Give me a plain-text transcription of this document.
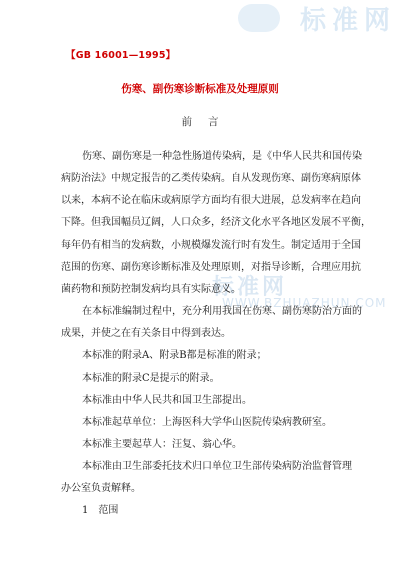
标准网
【GB 16001—1995】
伤寒、副伤寒诊断标准及处理原则
前言
标准网
WWW.BZHUAZHUN.COM
伤寒、副伤寒是一种急性肠道传染病，是《中华人民共和国传染
病防治法》中规定报告的乙类传染病。自从发现伤寒、副伤寒病原体
以来，本病不论在临床或病原学方面均有很大进展，总发病率在趋向
下降。但我国幅员辽阔，人口众多，经济文化水平各地区发展不平衡，
每年仍有相当的发病数，小规模爆发流行时有发生。制定适用于全国
范围的伤寒、副伤寒诊断标准及处理原则，对指导诊断，合理应用抗
菌药物和预防控制发病均具有实际意义。
在本标准编制过程中，充分利用我国在伤寒、副伤寒防治方面的
成果，并使之在有关条目中得到表达。
本标准的附录A、附录B都是标准的附录；
本标准的附录C是提示的附录。
本标准由中华人民共和国卫生部提出。
本标准起草单位：上海医科大学华山医院传染病教研室。
本标准主要起草人：汪复、翁心华。
本标准由卫生部委托技术归口单位卫生部传染病防治监督管理
办公室负责解释。
1　范围
